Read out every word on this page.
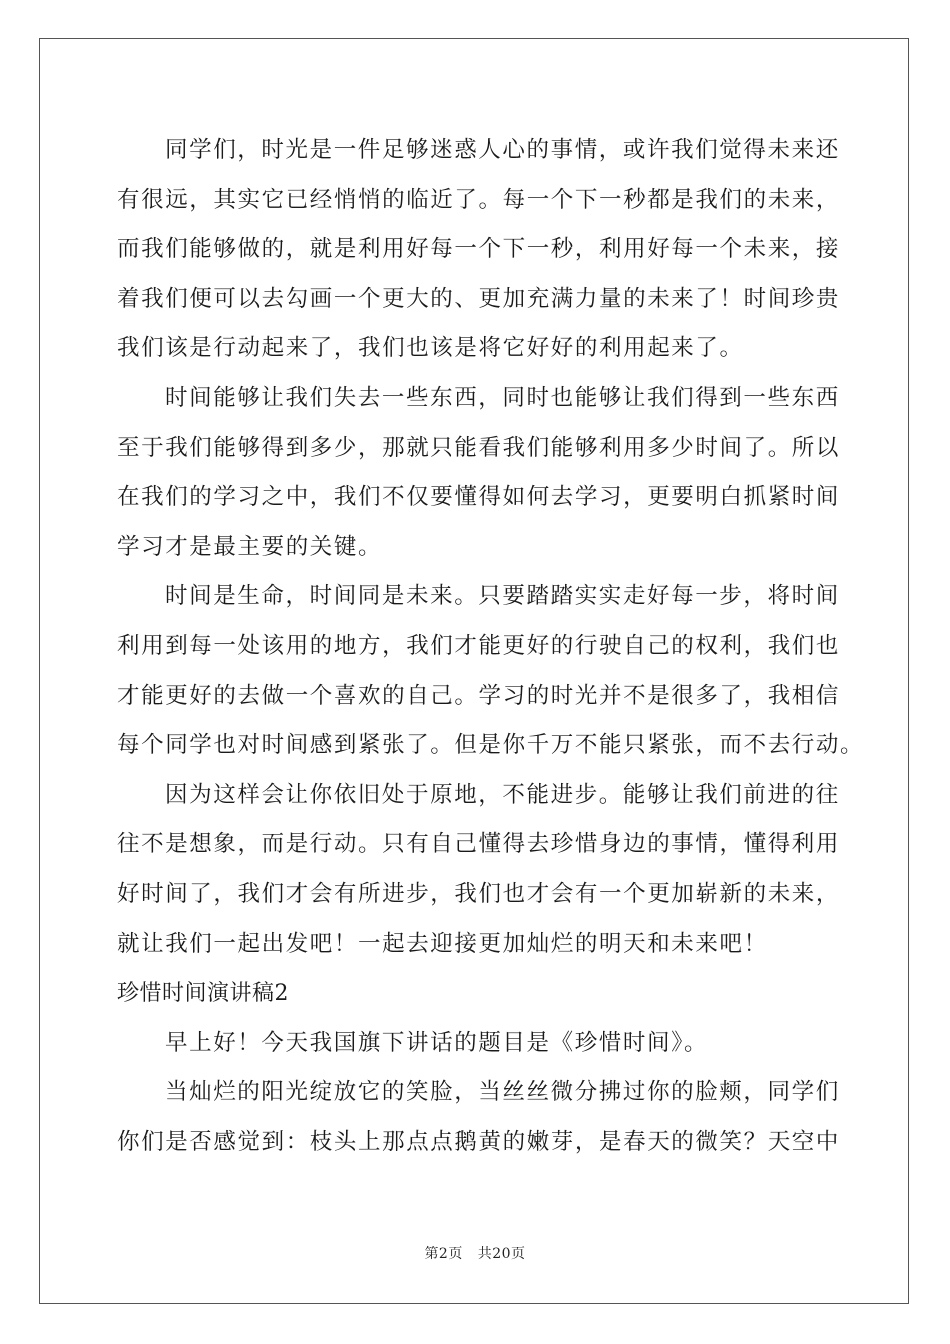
同学们，时光是一件足够迷惑人心的事情，或许我们觉得未来还
有很远，其实它已经悄悄的临近了。每一个下一秒都是我们的未来，
而我们能够做的，就是利用好每一个下一秒，利用好每一个未来，接
着我们便可以去勾画一个更大的、更加充满力量的未来了！时间珍贵
我们该是行动起来了，我们也该是将它好好的利用起来了。
时间能够让我们失去一些东西，同时也能够让我们得到一些东西
至于我们能够得到多少，那就只能看我们能够利用多少时间了。所以
在我们的学习之中，我们不仅要懂得如何去学习，更要明白抓紧时间
学习才是最主要的关键。
时间是生命，时间同是未来。只要踏踏实实走好每一步，将时间
利用到每一处该用的地方，我们才能更好的行驶自己的权利，我们也
才能更好的去做一个喜欢的自己。学习的时光并不是很多了，我相信
每个同学也对时间感到紧张了。但是你千万不能只紧张，而不去行动。
因为这样会让你依旧处于原地，不能进步。能够让我们前进的往
往不是想象，而是行动。只有自己懂得去珍惜身边的事情，懂得利用
好时间了，我们才会有所进步，我们也才会有一个更加崭新的未来，
就让我们一起出发吧！一起去迎接更加灿烂的明天和未来吧！
珍惜时间演讲稿2
早上好！今天我国旗下讲话的题目是《珍惜时间》。
当灿烂的阳光绽放它的笑脸，当丝丝微分拂过你的脸颊，同学们
你们是否感觉到：枝头上那点点鹅黄的嫩芽，是春天的微笑？天空中
第2页 共20页
